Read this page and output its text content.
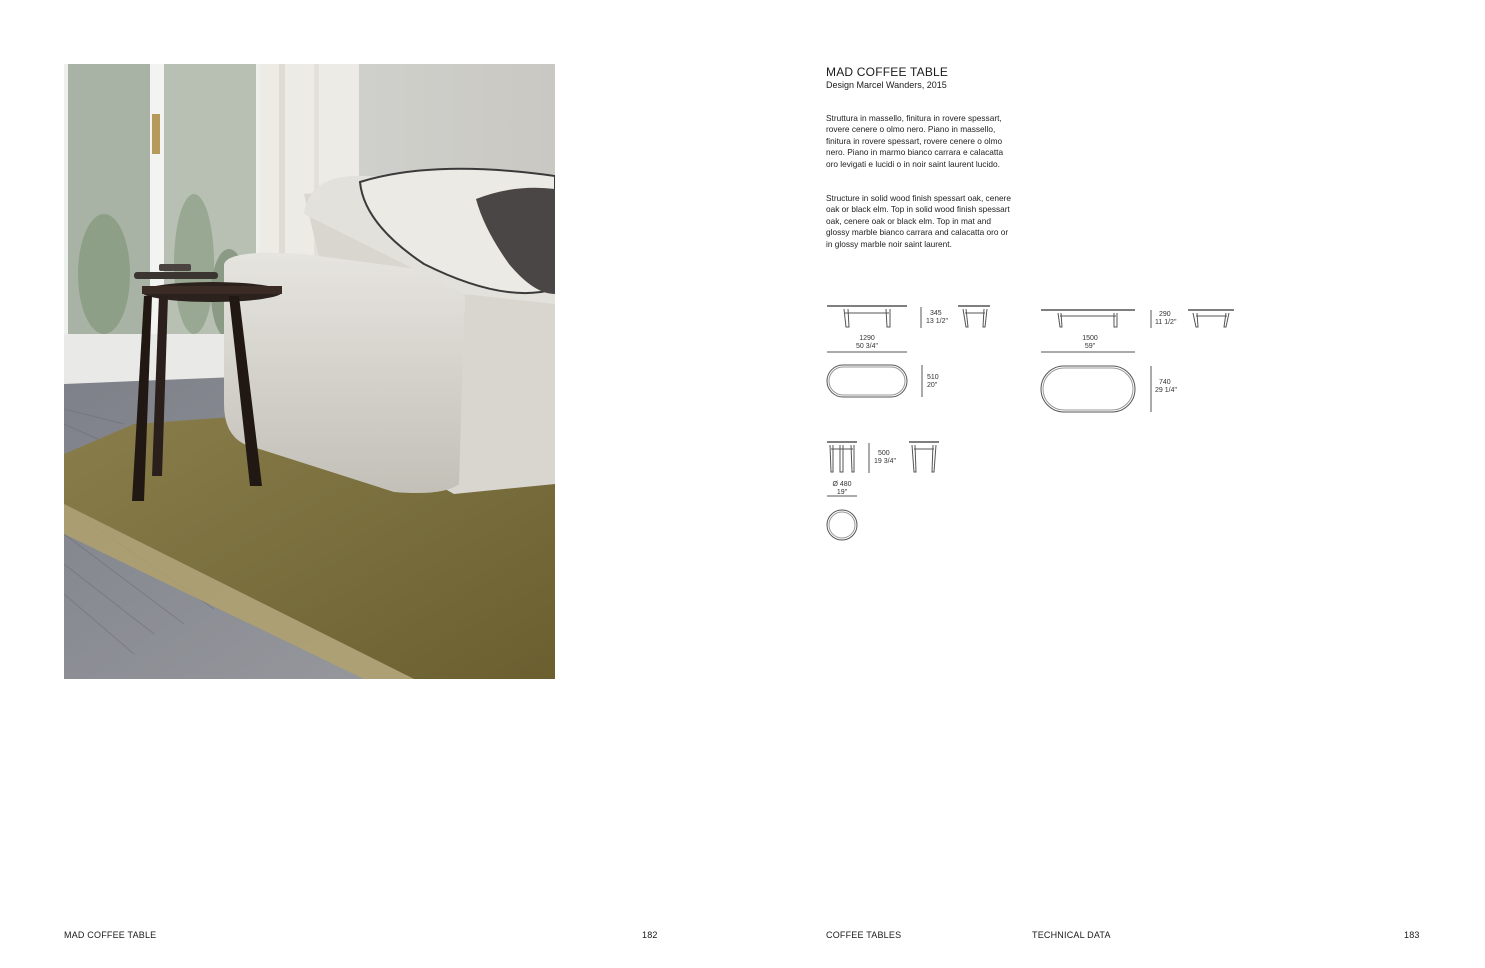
MAD COFFEE TABLE
Design Marcel Wanders, 2015
Struttura in massello, finitura in rovere spessart, rovere cenere o olmo nero. Piano in massello, finitura in rovere spessart, rovere cenere o olmo nero. Piano in marmo bianco carrara e calacatta oro levigati e lucidi o in noir saint laurent lucido.
Structure in solid wood finish spessart oak, cenere oak or black elm. Top in solid wood finish spessart oak, cenere oak or black elm. Top in mat and glossy marble bianco carrara and calacatta oro or in glossy marble noir saint laurent.
345
13 1/2"
1290
50 3/4"
510
20"
290
11 1/2"
1500
59"
740
29 1/4"
500
19 3/4"
Ø 480
19"
MAD COFFEE TABLE	182	COFFEE TABLES	TECHNICAL DATA	183
